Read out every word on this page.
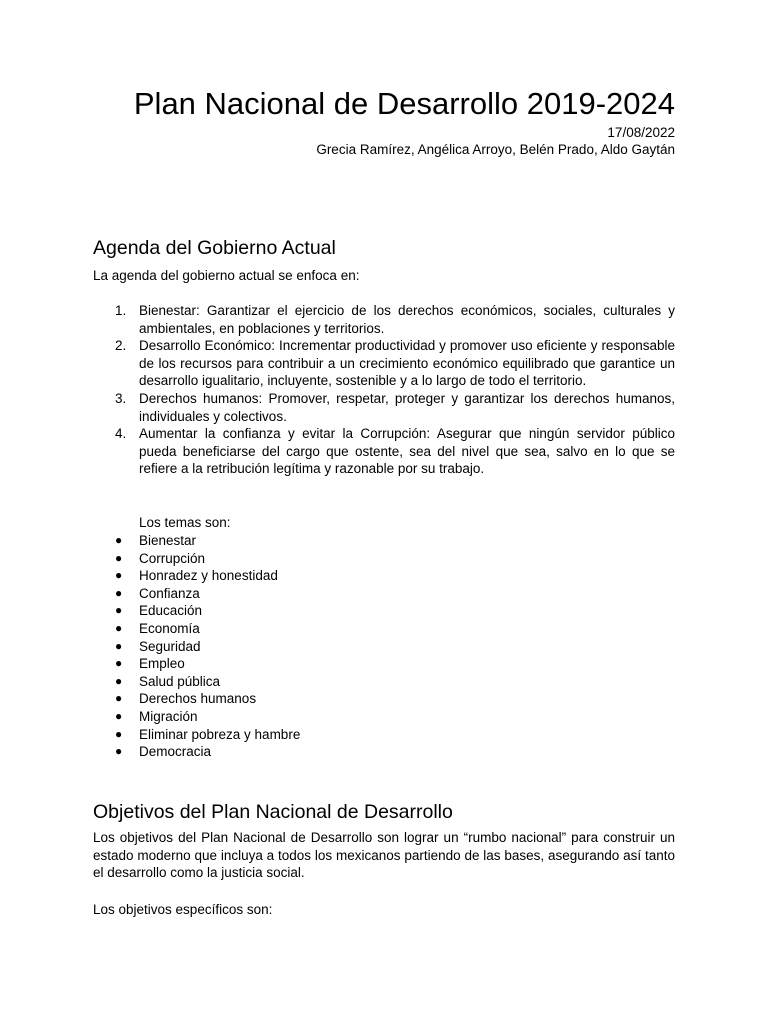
Plan Nacional de Desarrollo 2019-2024

17/08/2022

Grecia Ramírez, Angélica Arroyo, Belén Prado, Aldo Gaytán

Agenda del Gobierno Actual

La agenda del gobierno actual se enfoca en:

1. Bienestar: Garantizar el ejercicio de los derechos económicos, sociales, culturales y ambientales, en poblaciones y territorios.
2. Desarrollo Económico: Incrementar productividad y promover uso eficiente y responsable de los recursos para contribuir a un crecimiento económico equilibrado que garantice un desarrollo igualitario, incluyente, sostenible y a lo largo de todo el territorio.
3. Derechos humanos: Promover, respetar, proteger y garantizar los derechos humanos, individuales y colectivos.
4. Aumentar la confianza y evitar la Corrupción: Asegurar que ningún servidor público pueda beneficiarse del cargo que ostente, sea del nivel que sea, salvo en lo que se refiere a la retribución legítima y razonable por su trabajo.

Los temas son:

● Bienestar
● Corrupción
● Honradez y honestidad
● Confianza
● Educación
● Economía
● Seguridad
● Empleo
● Salud pública
● Derechos humanos
● Migración
● Eliminar pobreza y hambre
● Democracia
Objetivos del Plan Nacional de Desarrollo

Los objetivos del Plan Nacional de Desarrollo son lograr un “rumbo nacional” para construir un estado moderno que incluya a todos los mexicanos partiendo de las bases, asegurando así tanto el desarrollo como la justicia social.

Los objetivos específicos son:
